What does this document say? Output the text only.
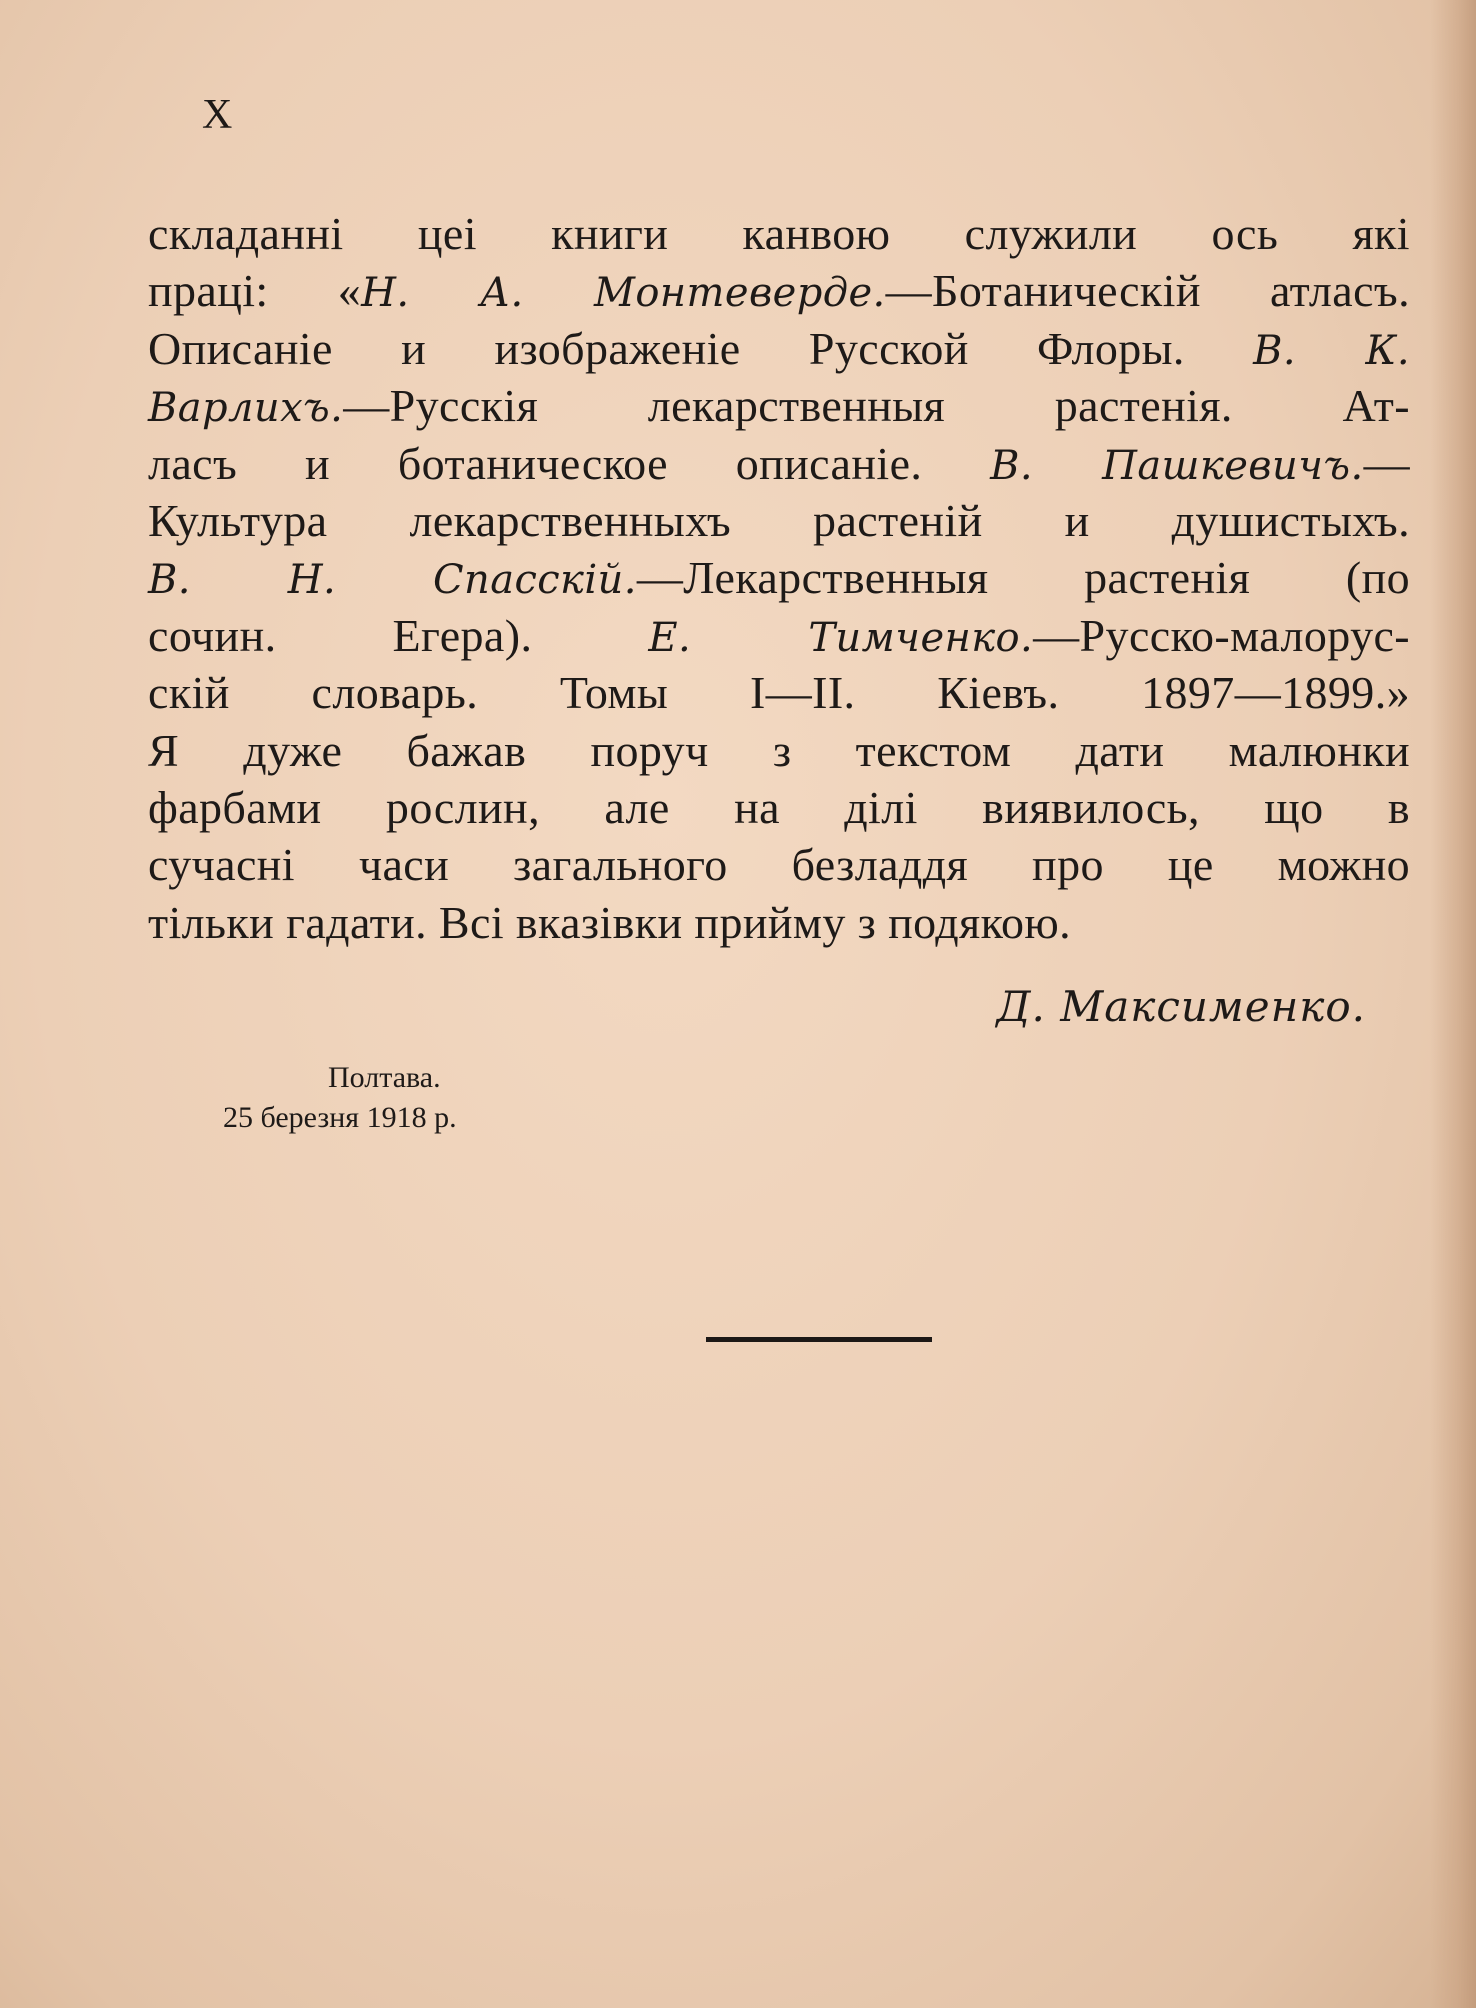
X
складанні цеі книги канвою служили ось які
праці: «Н. А. Монтеверде.—Ботаническій атласъ.
Описаніе и изображеніе Русской Флоры. В. К.
Варлихъ.—Русскія лекарственныя растенія. Ат-
ласъ и ботаническое описаніе. В. Пашкевичъ.—
Культура лекарственныхъ растеній и душистыхъ.
В. Н. Спасскій.—Лекарственныя растенія (по
сочин. Егера). Е. Тимченко.—Русско-малорус-
скій словарь. Томы I—II. Кіевъ. 1897—1899.»
Я дуже бажав поруч з текстом дати малюнки
фарбами рослин, але на ділі виявилось, що в
сучасні часи загального безладдя про це можно
тільки гадати. Всі вказівки прийму з подякою.
Д. Максименко.
Полтава.
25 березня 1918 р.
